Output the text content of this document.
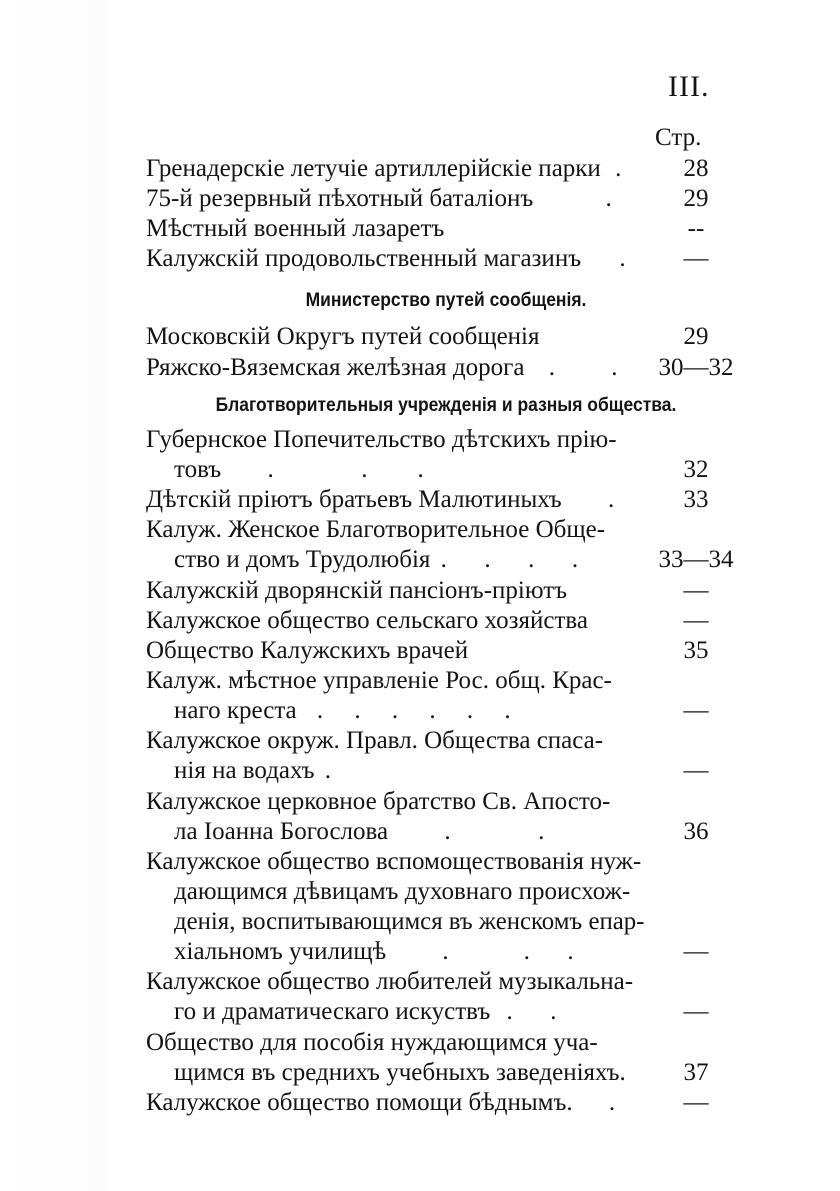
III.
Стр.
Гренадерскіе летучіе артиллерійскіе парки .	28
75-й резервный пѣхотный баталіонъ	.	29
Мѣстный военный лазаретъ	--
Калужскій продовольственный магазинъ .	—
Министерство путей сообщенія.
Московскій Округъ путей сообщенія	29
Ряжско-Вяземская желѣзная дорога .         .	30—32
Благотворительныя учрежденія и разныя общества.
Губернское Попечительство дѣтскихъ прію-
товъ .              .        .	32
Дѣтскій пріютъ братьевъ Малютиныхъ .	33
Калуж. Женское Благотворительное Обще-
ство и домъ Трудолюбія .      .      .      .	33—34
Калужскій дворянскій пансіонъ-пріютъ	—
Калужское общество сельскаго хозяйства	—
Общество Калужскихъ врачей	35
Калуж. мѣстное управленіе Рос. общ. Крас-
наго креста .     .     .     .     .     .	—
Калужское окруж. Правл. Общества спаса-
нія на водахъ .	—
Калужское церковное братство Св. Апосто-
ла Іоанна Богослова .              .	36
Калужское общество вспомоществованія нуж-
дающимся дѣвицамъ духовнаго происхож-
денія, воспитывающимся въ женскомъ епар-
хіальномъ училищѣ .            .      .	—
Калужское общество любителей музыкальна-
го и драматическаго искуствъ .      .	—
Общество для пособія нуждающимся уча-
щимся въ среднихъ учебныхъ заведеніяхъ.	37
Калужское общество помощи бѣднымъ. .	—
